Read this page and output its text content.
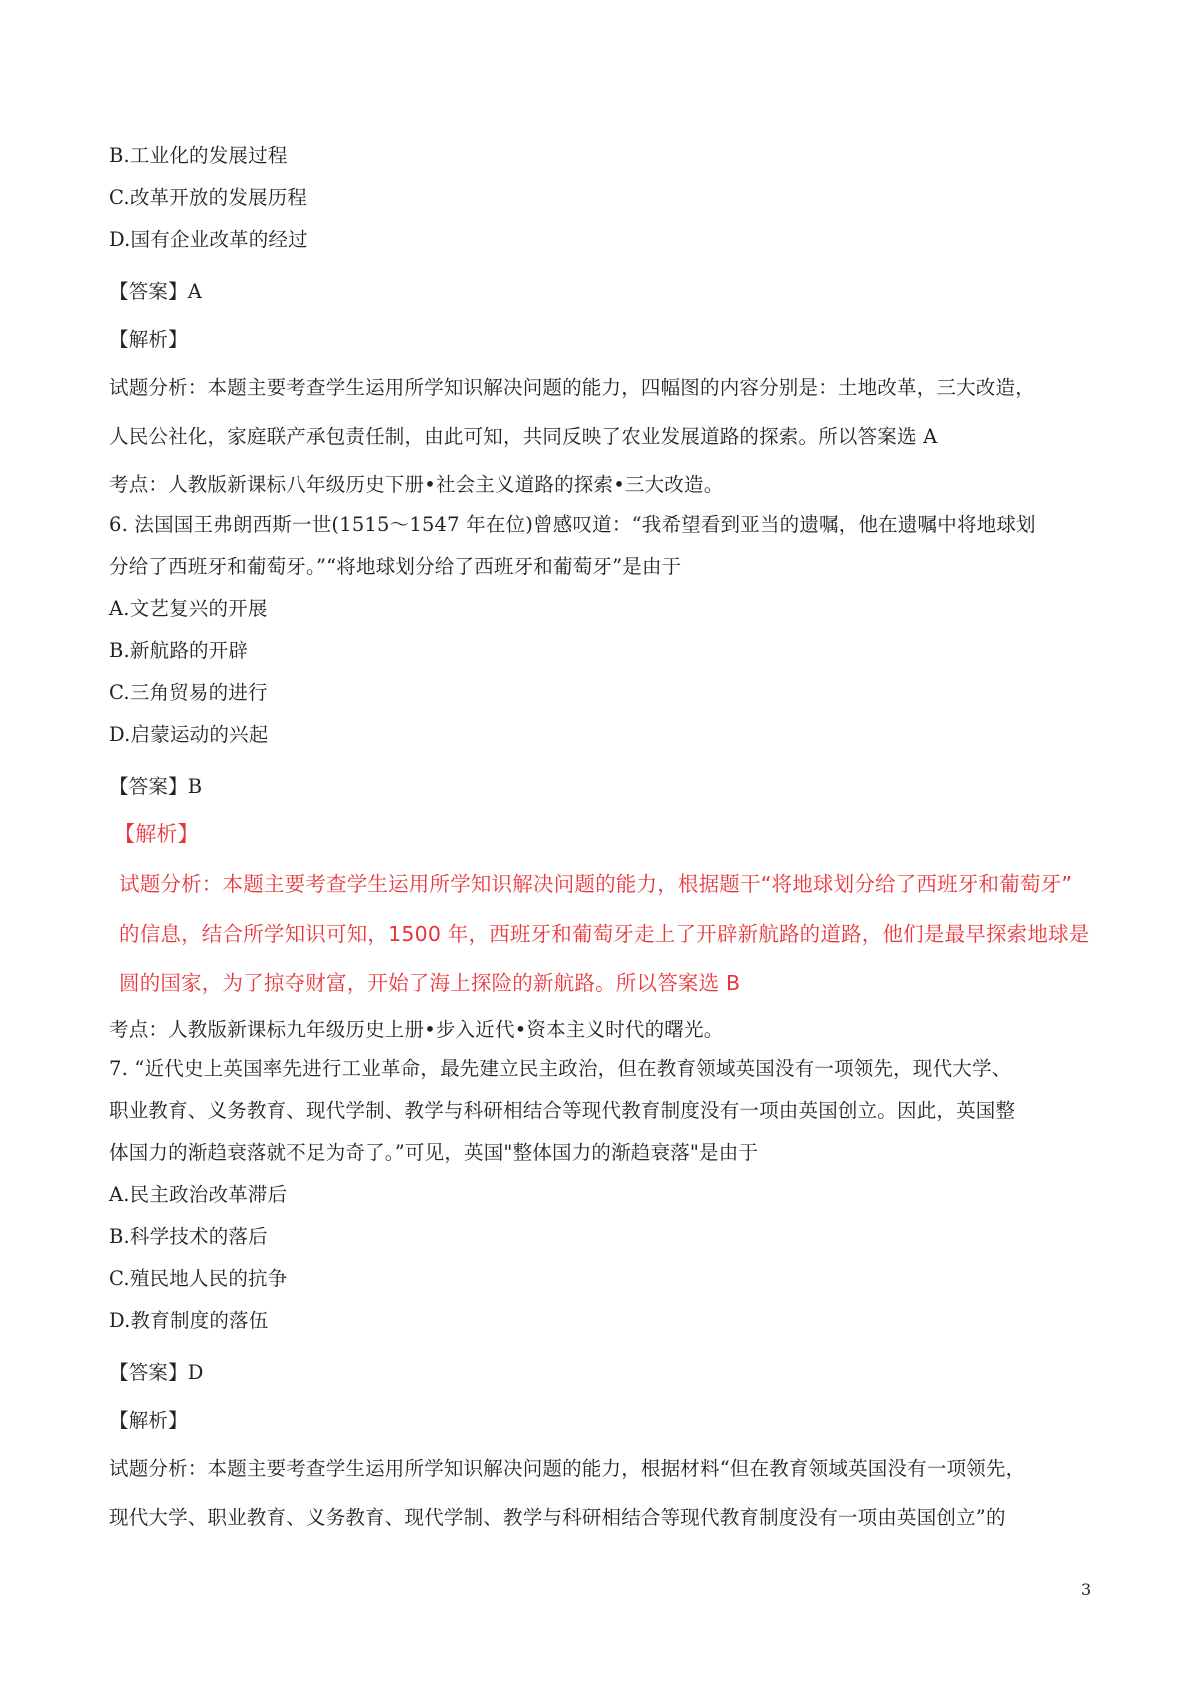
B.工业化的发展过程
C.改革开放的发展历程
D.国有企业改革的经过
【答案】A
【解析】
试题分析：本题主要考查学生运用所学知识解决问题的能力，四幅图的内容分别是：土地改革，三大改造，
人民公社化，家庭联产承包责任制，由此可知，共同反映了农业发展道路的探索。所以答案选 A
考点：人教版新课标八年级历史下册•社会主义道路的探索•三大改造。
6. 法国国王弗朗西斯一世(1515～1547 年在位)曾感叹道：“我希望看到亚当的遗嘱，他在遗嘱中将地球划
分给了西班牙和葡萄牙。”“将地球划分给了西班牙和葡萄牙”是由于
A.文艺复兴的开展
B.新航路的开辟
C.三角贸易的进行
D.启蒙运动的兴起
【答案】B
【解析】
试题分析：本题主要考查学生运用所学知识解决问题的能力，根据题干“将地球划分给了西班牙和葡萄牙”
的信息，结合所学知识可知，1500 年，西班牙和葡萄牙走上了开辟新航路的道路，他们是最早探索地球是
圆的国家，为了掠夺财富，开始了海上探险的新航路。所以答案选 B
考点：人教版新课标九年级历史上册•步入近代•资本主义时代的曙光。
7. “近代史上英国率先进行工业革命，最先建立民主政治，但在教育领域英国没有一项领先，现代大学、
职业教育、义务教育、现代学制、教学与科研相结合等现代教育制度没有一项由英国创立。因此，英国整
体国力的渐趋衰落就不足为奇了。”可见，英国"整体国力的渐趋衰落"是由于
A.民主政治改革滞后
B.科学技术的落后
C.殖民地人民的抗争
D.教育制度的落伍
【答案】D
【解析】
试题分析：本题主要考查学生运用所学知识解决问题的能力，根据材料“但在教育领域英国没有一项领先，
现代大学、职业教育、义务教育、现代学制、教学与科研相结合等现代教育制度没有一项由英国创立”的
3
